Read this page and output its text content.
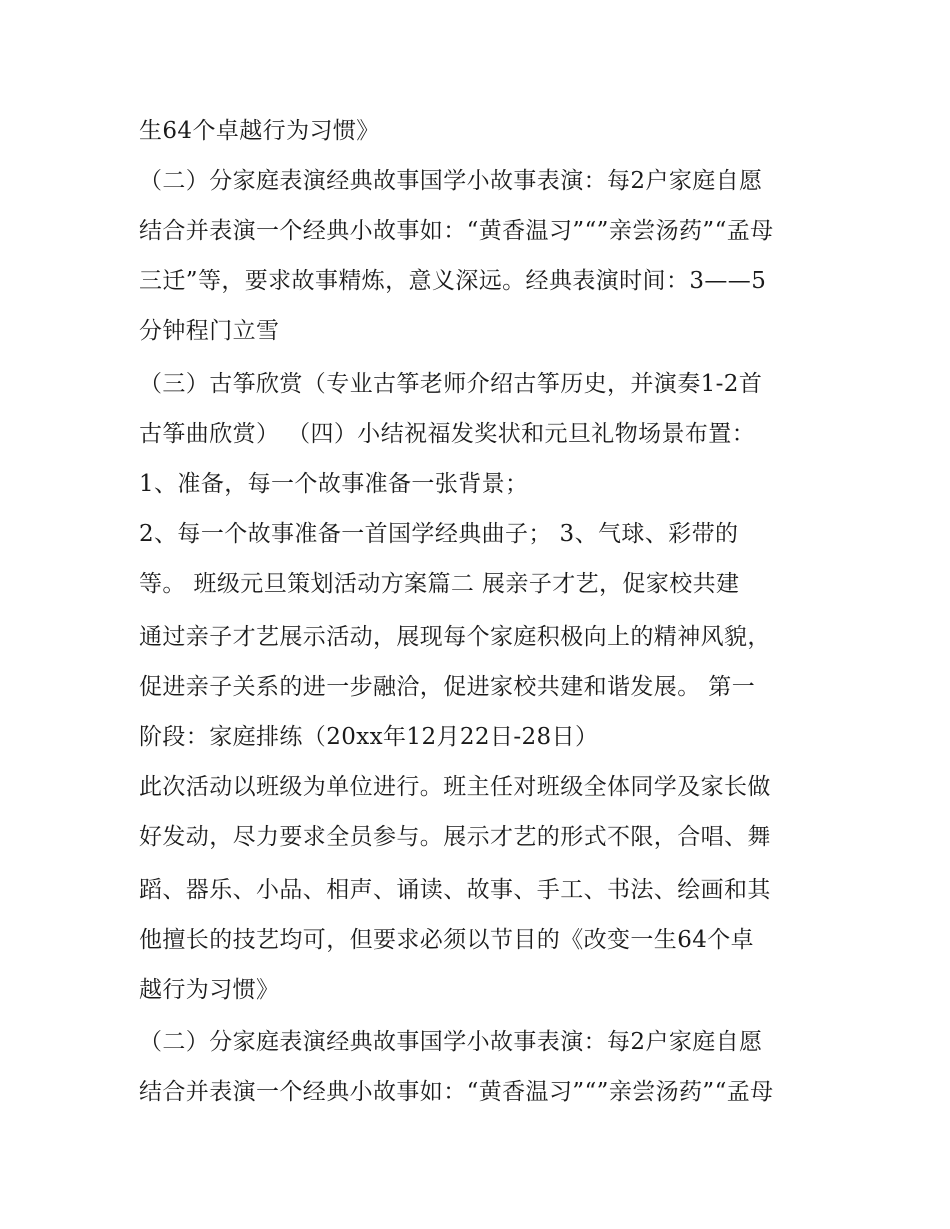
生64个卓越行为习惯》
（二）分家庭表演经典故事国学小故事表演：每2户家庭自愿
结合并表演一个经典小故事如：“黄香温习”“”亲尝汤药”“孟母
三迁”等，要求故事精炼，意义深远。经典表演时间：3——5
分钟程门立雪
（三）古筝欣赏（专业古筝老师介绍古筝历史，并演奏1-2首
古筝曲欣赏） （四）小结祝福发奖状和元旦礼物场景布置：
1、准备，每一个故事准备一张背景；
2、每一个故事准备一首国学经典曲子； 3、气球、彩带的
等。 班级元旦策划活动方案篇二 展亲子才艺，促家校共建
通过亲子才艺展示活动，展现每个家庭积极向上的精神风貌，
促进亲子关系的进一步融洽，促进家校共建和谐发展。 第一
阶段：家庭排练（20xx年12月22日-28日）
此次活动以班级为单位进行。班主任对班级全体同学及家长做
好发动，尽力要求全员参与。展示才艺的形式不限，合唱、舞
蹈、器乐、小品、相声、诵读、故事、手工、书法、绘画和其
他擅长的技艺均可，但要求必须以节目的《改变一生64个卓
越行为习惯》
（二）分家庭表演经典故事国学小故事表演：每2户家庭自愿
结合并表演一个经典小故事如：“黄香温习”“”亲尝汤药”“孟母
